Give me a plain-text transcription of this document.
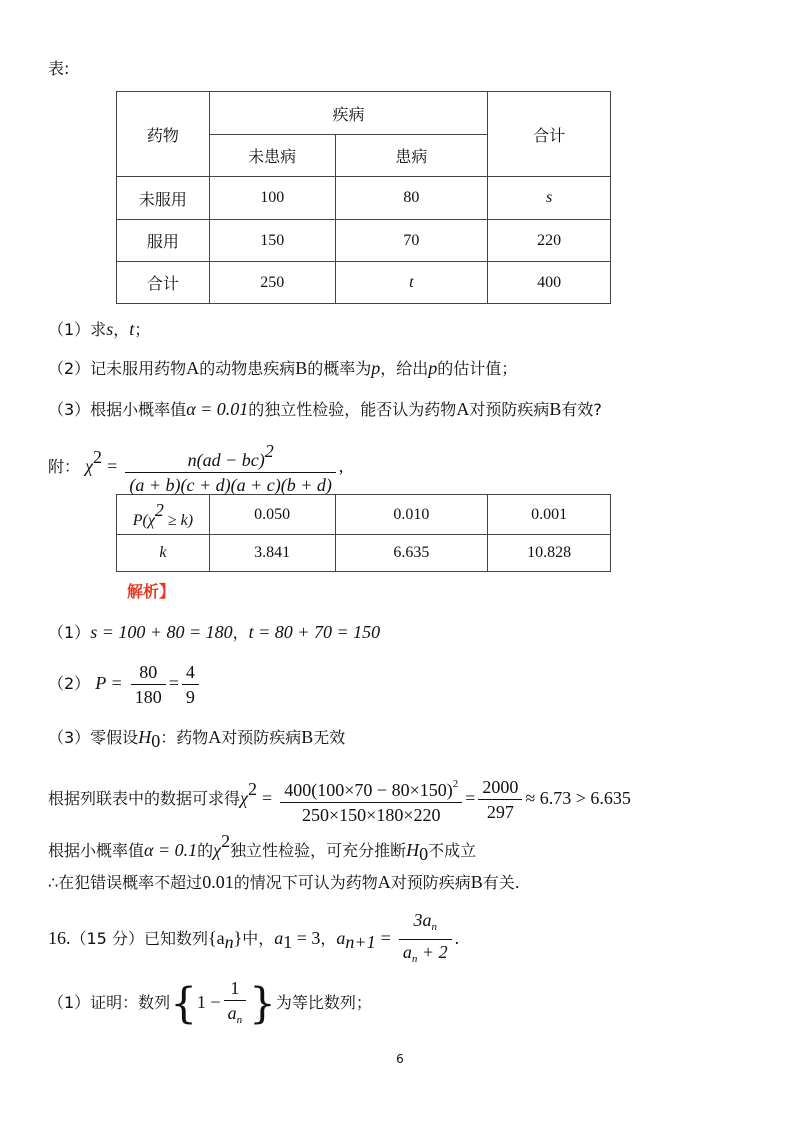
表:
药物	疾病		合计
	未患病	患病	
未服用	100	80	s
服用	150	70	220
合计	250	t	400
（1）求s，t；
（2）记未服用药物A的动物患疾病B的概率为p，给出p的估计值；
（3）根据小概率值α = 0.01的独立性检验，能否认为药物A对预防疾病B有效?
附： $\chi^2 = \frac{n(ad - bc)^2}{(a + b)(c + d)(a + c)(b + d)}$ ,
$P(\chi^2 \ge k)$	0.050	0.010	0.001
k	3.841	6.635	10.828
解析】
（1）s = 100 + 80 = 180，t = 80 + 70 = 150
（2） $P = \frac{80}{180} = \frac{4}{9}$
（3）零假设$H_0$：药物A对预防疾病B无效
根据列联表中的数据可求得$\chi^2 = \frac{400(100\times 70 - 80\times 150)^2}{250\times 150\times 180\times 220} = \frac{2000}{297} \approx 6.73 > 6.635$
根据小概率值α = 0.1的$\chi^2$独立性检验，可充分推断$H_0$不成立
∴在犯错误概率不超过0.01的情况下可认为药物A对预防疾病B有关.
16.（15 分）已知数列$\{a_n\}$中，$a_1 = 3$，$a_{n+1} = \frac{3a_n}{a_n + 2}$ .
（1）证明：数列{$1 - \frac{1}{a_n}$ }为等比数列；
6
